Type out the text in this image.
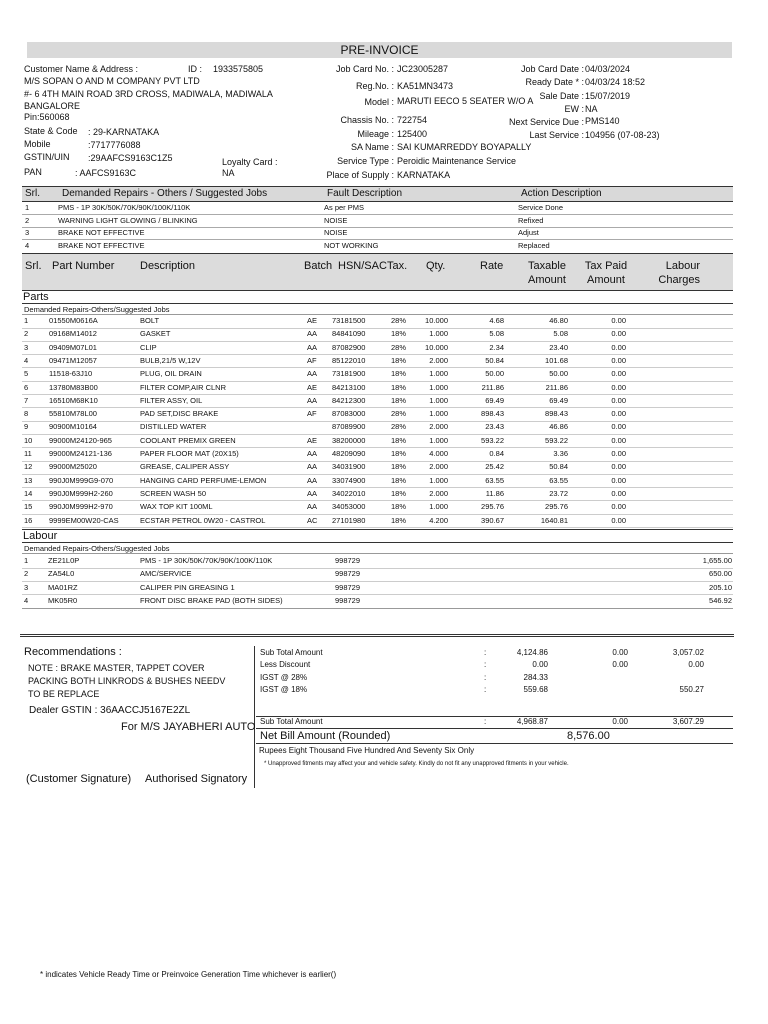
PRE-INVOICE
Customer Name & Address :	ID : 1933575805
M/S SOPAN O AND M COMPANY PVT LTD
#- 6 4TH MAIN ROAD 3RD CROSS, MADIWALA, MADIWALA
BANGALORE
Pin:560068
State & Code : 29-KARNATAKA
Mobile	:7717776088
GSTIN/UIN :29AAFCS9163C1Z5	Loyalty Card :
PAN	: AAFCS9163C	NA
Job Card No. : JC23005287
Reg.No. : KA51MN3473
Model : MARUTI EECO 5 SEATER W/O A
Chassis No. : 722754
Mileage : 125400
SA Name : SAI KUMARREDDY BOYAPALLY
Service Type : Peroidic Maintenance Service
Place of Supply : KARNATAKA
Job Card Date : 04/03/2024
Ready Date * : 04/03/24 18:52
Sale Date : 15/07/2019
EW : NA
Next Service Due : PMS140
Last Service : 104956 (07-08-23)
Srl. Demanded Repairs - Others / Suggested Jobs	Fault Description	Action Description
1	PMS - 1P 30K/50K/70K/90K/100K/110K	As per PMS	Service Done
2	WARNING LIGHT GLOWING / BLINKING	NOISE	Refixed
3	BRAKE NOT EFFECTIVE	NOISE	Adjust
4	BRAKE NOT EFFECTIVE	NOT WORKING	Replaced
Srl. Part Number Description	Batch HSN/SAC Tax. Qty.	Rate	Taxable
Amount
Tax Paid
Amount
Labour
Charges
Parts
Demanded Repairs-Others/Suggested Jobs
1	01550M0616A	BOLT	AE 73181500	28%	10.000	4.68	46.80	0.00
2	09168M14012	GASKET	AA 84841090	18%	1.000	5.08	5.08	0.00
3	09409M07L01	CLIP	AA 87082900	28%	10.000	2.34	23.40	0.00
4	09471M12057	BULB,21/5 W,12V	AF 85122010	18%	2.000	50.84	101.68	0.00
5	11518-63J10	PLUG, OIL DRAIN	AA 73181900	18%	1.000	50.00	50.00	0.00
6	13780M83B00	FILTER COMP,AIR CLNR	AE 84213100	18%	1.000	211.86	211.86	0.00
7	16510M68K10	FILTER ASSY, OIL	AA 84212300	18%	1.000	69.49	69.49	0.00
8	55810M78L00	PAD SET,DISC BRAKE	AF 87083000	28%	1.000	898.43	898.43	0.00
9	90900M10164	DISTILLED WATER	87089900	28%	2.000	23.43	46.86	0.00
10 99000M24120-965	COOLANT PREMIX GREEN	AE 38200000	18%	1.000	593.22	593.22	0.00
11 99000M24121-136	PAPER FLOOR MAT (20X15)	AA 48209090	18%	4.000	0.84	3.36	0.00
12 99000M25020	GREASE, CALIPER ASSY	AA 34031900	18%	2.000	25.42	50.84	0.00
13 990J0M999G9-070	HANGING CARD PERFUME-LEMON	AA 33074900	18%	1.000	63.55	63.55	0.00
14 990J0M999H2-260	SCREEN WASH 50	AA 34022010	18%	2.000	11.86	23.72	0.00
15 990J0M999H2-970	WAX TOP KIT 100ML	AA 34053000	18%	1.000	295.76	295.76	0.00
16 9999EM00W20-CAS	ECSTAR PETROL 0W20 - CASTROL	AC 27101980	18%	4.200	390.67	1640.81	0.00
Labour
Demanded Repairs-Others/Suggested Jobs
1	ZE21L0P	PMS - 1P 30K/50K/70K/90K/100K/110K	998729	1,655.00
2	ZA54L0	AMC/SERVICE	998729	650.00
3	MA01RZ	CALIPER PIN GREASING 1	998729	205.10
4	MK05R0	FRONT DISC BRAKE PAD (BOTH SIDES)	998729	546.92
Recommendations :
NOTE : BRAKE MASTER, TAPPET COVER
PACKING BOTH LINKRODS & BUSHES NEEDV
TO BE REPLACE
Dealer GSTIN : 36AACCJ5167E2ZL
For M/S JAYABHERI AUTO
(Customer Signature) Authorised Signatory
Sub Total Amount	:	4,124.86	0.00	3,057.02
Less Discount	:	0.00	0.00	0.00
IGST @ 28%	:	284.33
IGST @ 18%	:	559.68	550.27
Sub Total Amount	:	4,968.87	0.00	3,607.29
Net Bill Amount (Rounded)	8,576.00
Rupees Eight Thousand Five Hundred And Seventy Six Only
* Unapproved fitments may affect your and vehicle safety. Kindly do not fit any unapproved fitments in your vehicle.
* indicates Vehicle Ready Time or Preinvoice Generation Time whichever is earlier()
